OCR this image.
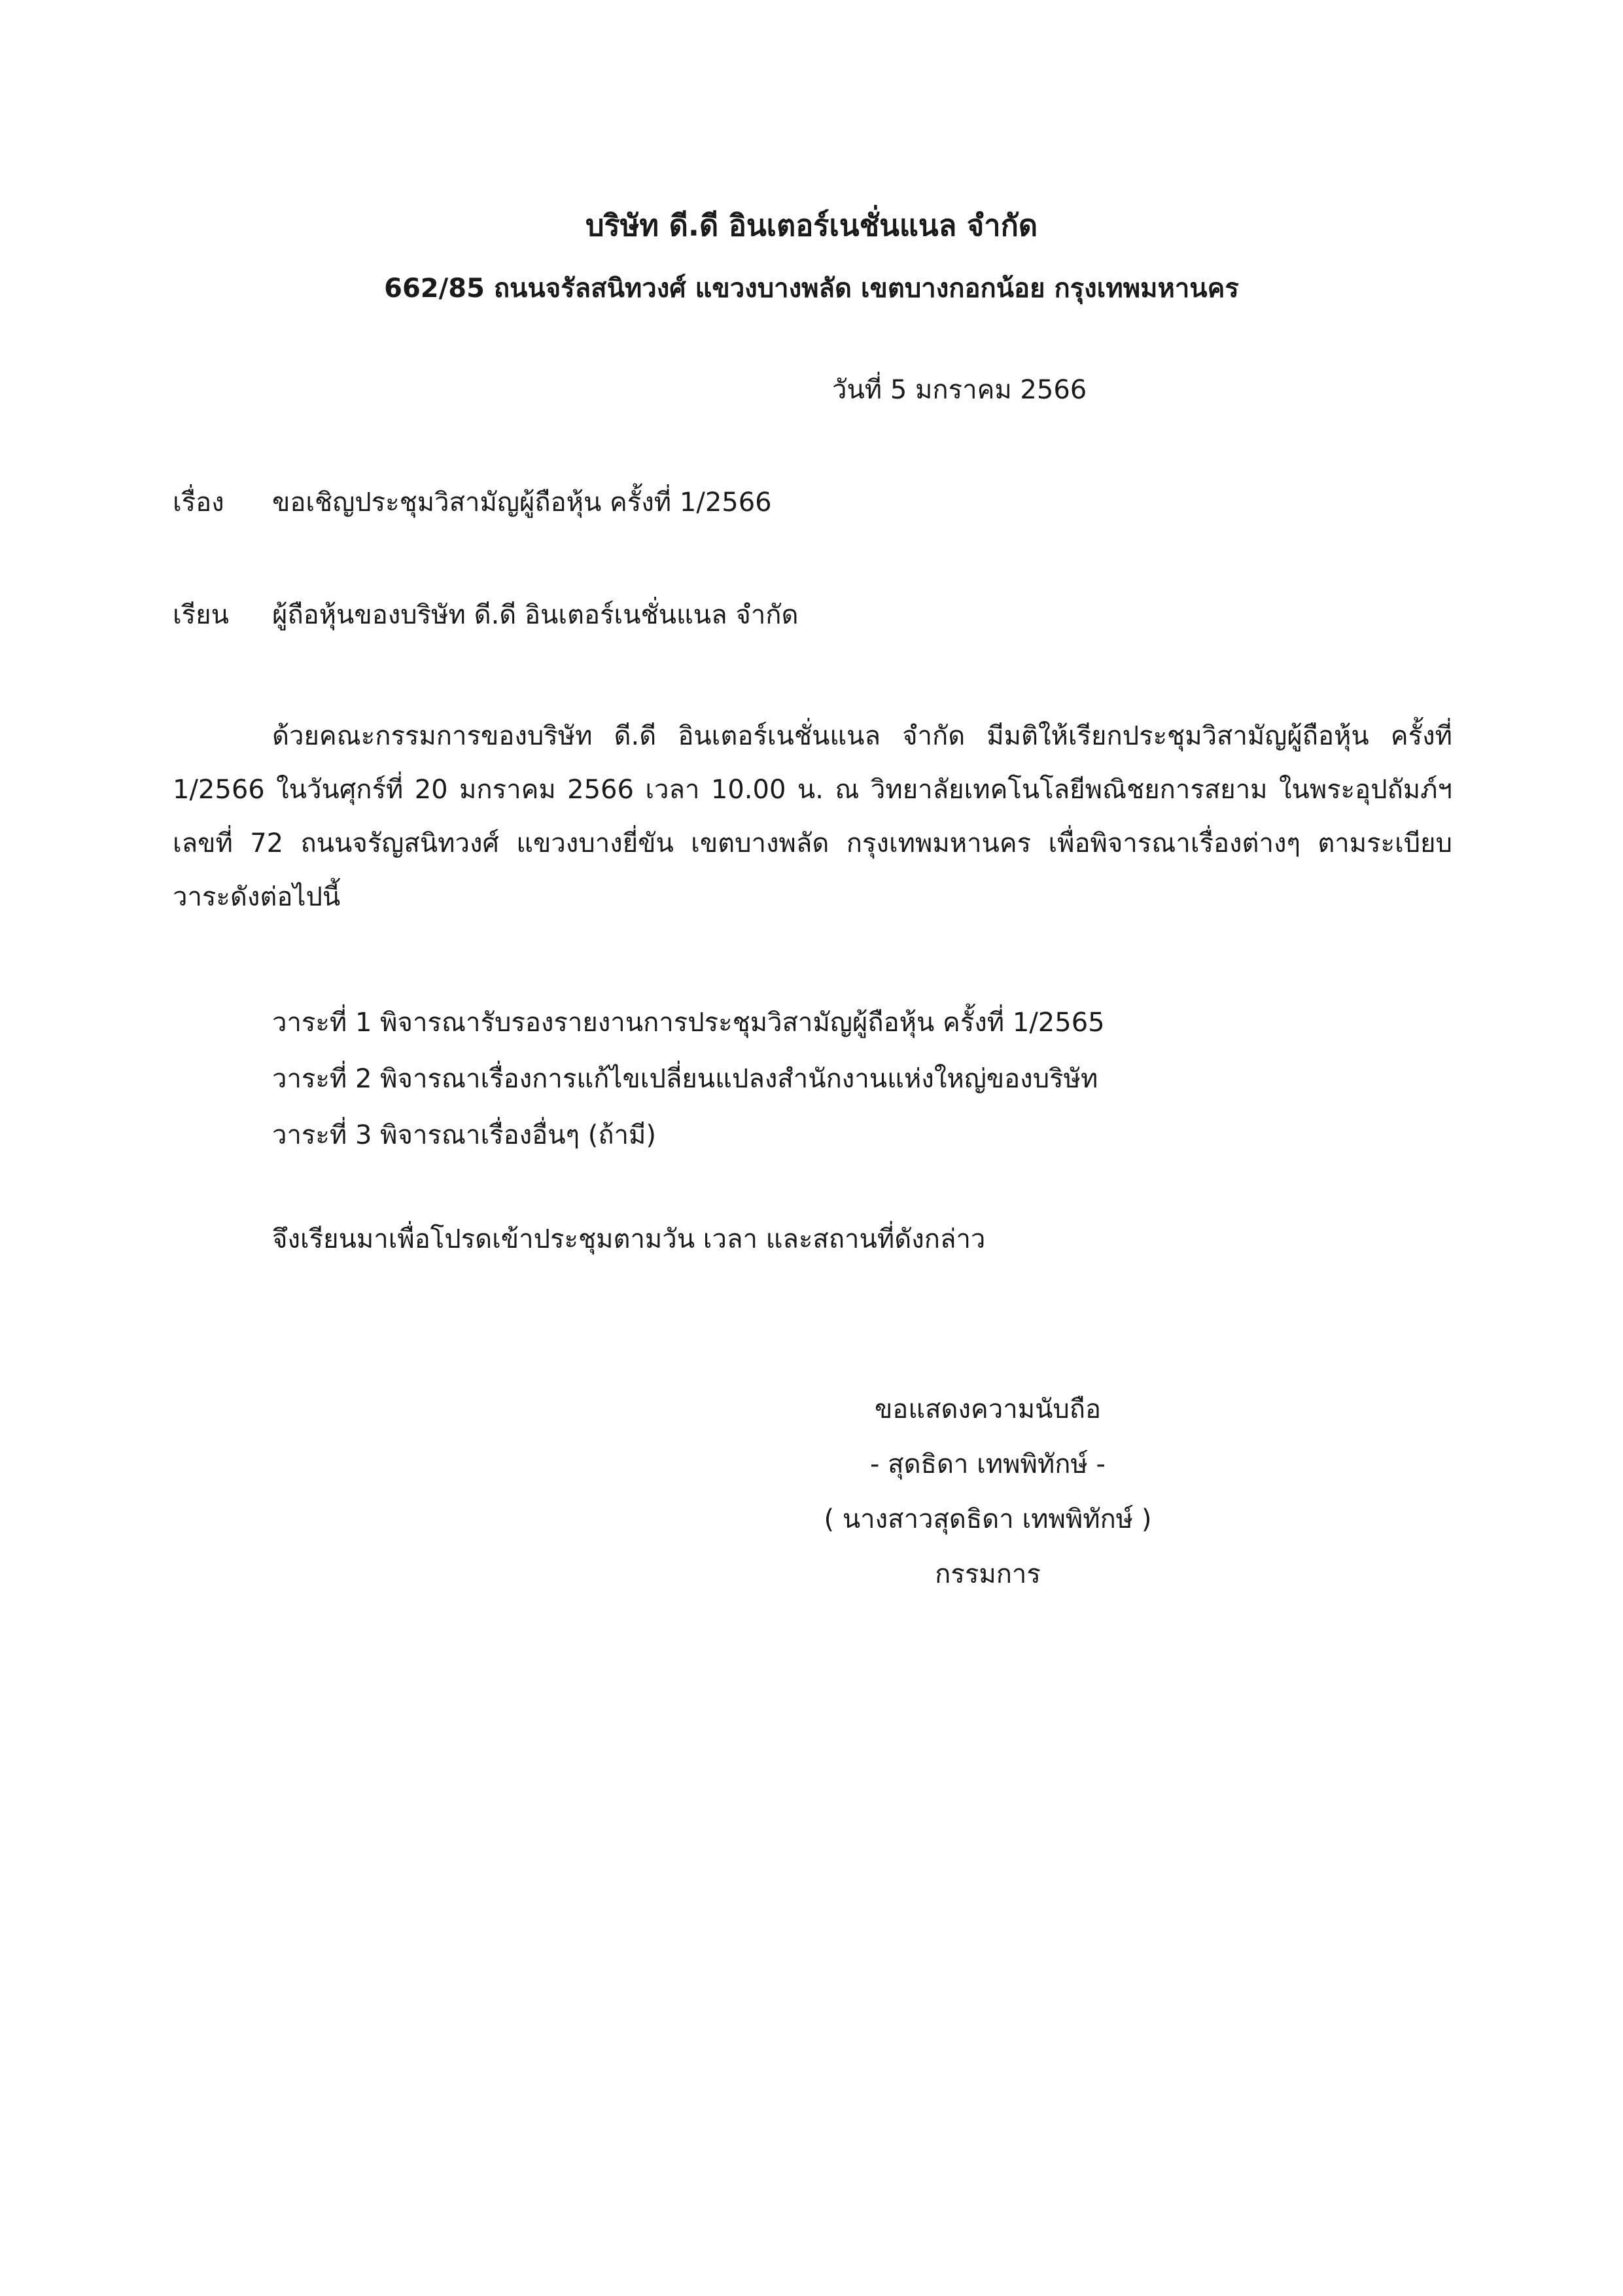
บริษัท ดี.ดี อินเตอร์เนชั่นแนล จำกัด
662/85 ถนนจรัลสนิทวงศ์ แขวงบางพลัด เขตบางกอกน้อย กรุงเทพมหานคร
วันที่ 5 มกราคม 2566
เรื่อง ขอเชิญประชุมวิสามัญผู้ถือหุ้น ครั้งที่ 1/2566
เรียน ผู้ถือหุ้นของบริษัท ดี.ดี อินเตอร์เนชั่นแนล จำกัด
ด้วยคณะกรรมการของบริษัท ดี.ดี อินเตอร์เนชั่นแนล จำกัด มีมติให้เรียกประชุมวิสามัญผู้ถือหุ้น ครั้งที่
1/2566 ในวันศุกร์ที่ 20 มกราคม 2566 เวลา 10.00 น. ณ วิทยาลัยเทคโนโลยีพณิชยการสยาม ในพระอุปถัมภ์ฯ
เลขที่ 72 ถนนจรัญสนิทวงศ์ แขวงบางยี่ขัน เขตบางพลัด กรุงเทพมหานคร เพื่อพิจารณาเรื่องต่างๆ ตามระเบียบ
วาระดังต่อไปนี้
วาระที่ 1 พิจารณารับรองรายงานการประชุมวิสามัญผู้ถือหุ้น ครั้งที่ 1/2565
วาระที่ 2 พิจารณาเรื่องการแก้ไขเปลี่ยนแปลงสำนักงานแห่งใหญ่ของบริษัท
วาระที่ 3 พิจารณาเรื่องอื่นๆ (ถ้ามี)
จึงเรียนมาเพื่อโปรดเข้าประชุมตามวัน เวลา และสถานที่ดังกล่าว
ขอแสดงความนับถือ
- สุดธิดา เทพพิทักษ์ -
( นางสาวสุดธิดา เทพพิทักษ์ )
กรรมการ
